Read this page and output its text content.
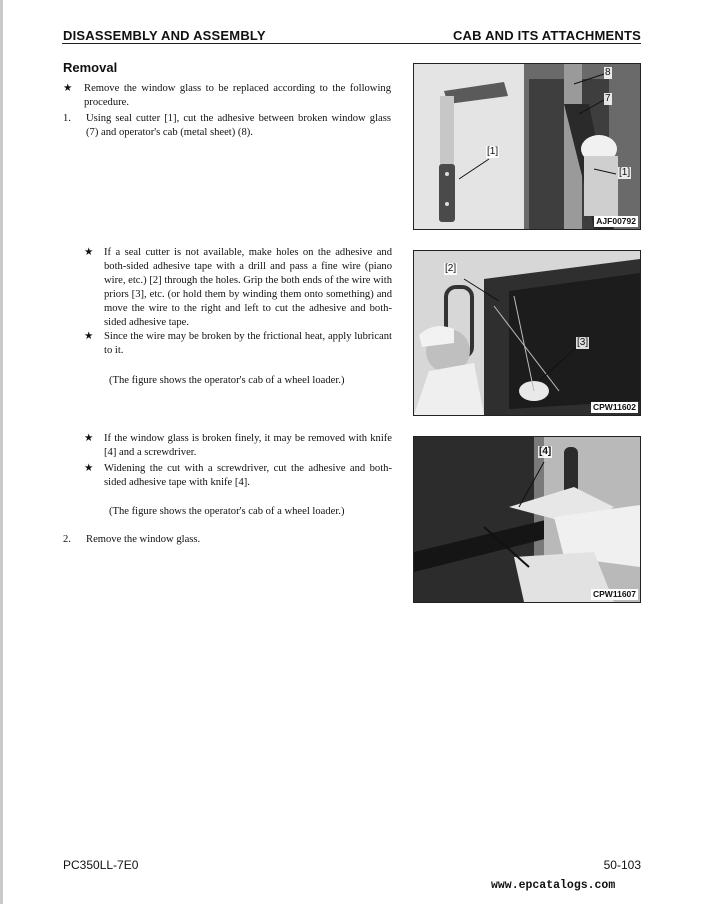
DISASSEMBLY AND ASSEMBLY	CAB AND ITS ATTACHMENTS
Removal
★ Remove the window glass to be replaced according to the following procedure.
1. Using seal cutter [1], cut the adhesive between broken window glass (7) and operator's cab (metal sheet) (8).
★ If a seal cutter is not available, make holes on the adhesive and both-sided adhesive tape with a drill and pass a fine wire (piano wire, etc.) [2] through the holes. Grip the both ends of the wire with priors [3], etc. (or hold them by winding them onto something) and move the wire to the right and left to cut the adhesive and both-sided adhesive tape.
★ Since the wire may be broken by the frictional heat, apply lubricant to it.
(The figure shows the operator's cab of a wheel loader.)
★ If the window glass is broken finely, it may be removed with knife [4] and a screwdriver.
★ Widening the cut with a screwdriver, cut the adhesive and both-sided adhesive tape with knife [4].
(The figure shows the operator's cab of a wheel loader.)
2. Remove the window glass.
8
7
[1]
[1]
AJF00792
[2]
[3]
CPW11602
[4]
CPW11607
PC350LL-7E0	50-103
www.epcatalogs.com
